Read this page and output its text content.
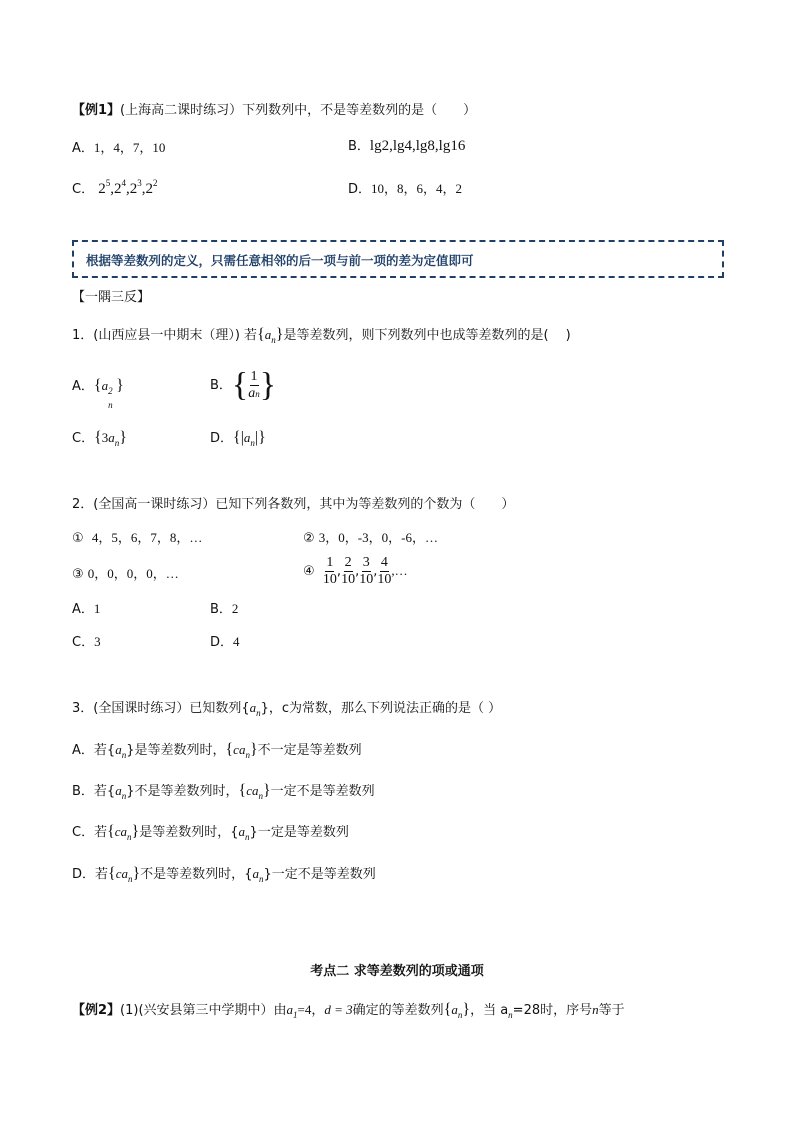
【例1】(上海高二课时练习）下列数列中，不是等差数列的是（　　）
A．1，4，7，10	B．lg2,lg4,lg8,lg16
C． $2^5,2^4,2^3,2^2$	D．10，8，6，4，2
根据等差数列的定义，只需任意相邻的后一项与前一项的差为定值即可
【一隅三反】
1．(山西应县一中期末（理）) 若$\{a_n\}$是等差数列，则下列数列中也成等差数列的是(　 )
A．{a 2
n
}	B．{ $\frac{1}{an}$ }
C．$\{3a_n\}$	D．$\{|a_n|\}$
2．(全国高一课时练习）已知下列各数列，其中为等差数列的个数为（　　）
① 4，5，6，7，8，…	② 3，0，-3，0，-6，…
③ 0，0，0，0，…	④ $\frac{1}{10}$ , $\frac{2}{10}$ , $\frac{3}{10}$ , $\frac{4}{10}$ ,…
A．1	B．2
C．3	D．4
3．(全国课时练习）已知数列$\{a_n\}$，c为常数，那么下列说法正确的是（ ）
A．若$\{a_n\}$是等差数列时，$\{ca_n\}$不一定是等差数列
B．若$\{a_n\}$不是等差数列时，$\{ca_n\}$一定不是等差数列
C．若$\{ca_n\}$是等差数列时，$\{a_n\}$一定是等差数列
D．若$\{ca_n\}$不是等差数列时，$\{a_n\}$一定不是等差数列
考点二 求等差数列的项或通项
【例2】(1)(兴安县第三中学期中）由$a_1=4$，d = 3确定的等差数列$\{a_n\}$，当 $a_n=28$时，序号n等于
